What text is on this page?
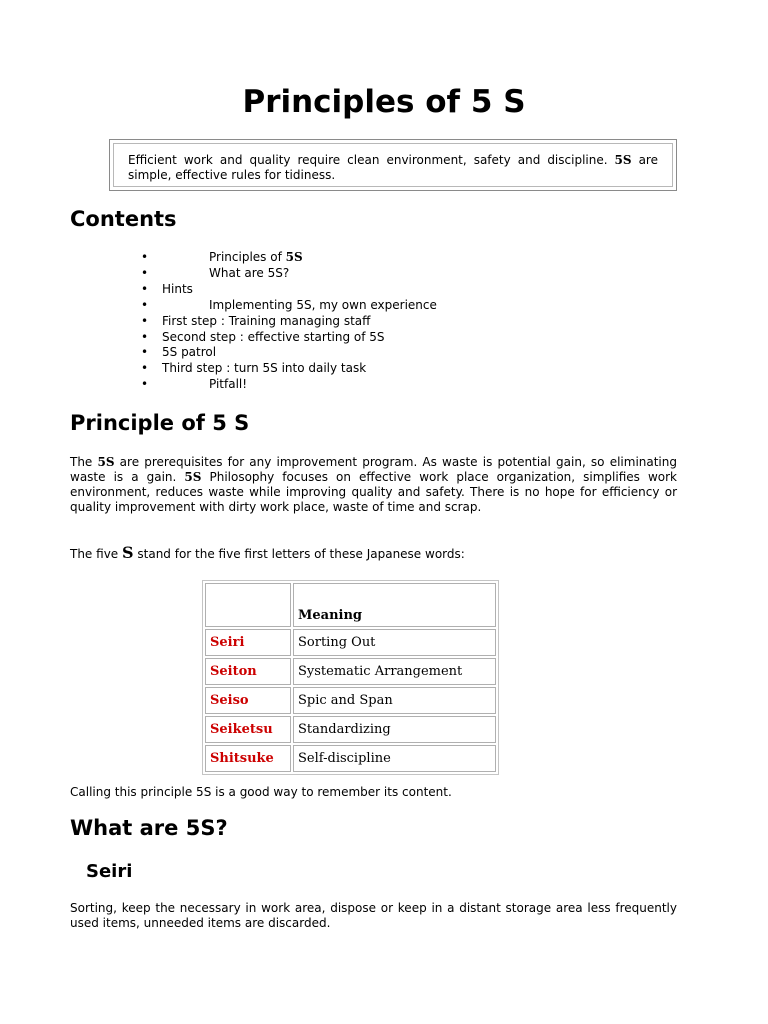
Principles of 5 S
Efficient work and quality require clean environment, safety and discipline. 5S are simple, effective rules for tidiness.
Contents
• Principles of 5S
• What are 5S?
• Hints
• Implementing 5S, my own experience
• First step : Training managing staff
• Second step : effective starting of 5S
• 5S patrol
• Third step : turn 5S into daily task
• Pitfall!
Principle of 5 S

The 5S are prerequisites for any improvement program. As waste is potential gain, so eliminating waste is a gain. 5S Philosophy focuses on effective work place organization, simplifies work environment, reduces waste while improving quality and safety. There is no hope for efficiency or quality improvement with dirty work place, waste of time and scrap.

The five S stand for the five first letters of these Japanese words:

	Meaning
Seiri	Sorting Out
Seiton	Systematic Arrangement
Seiso	Spic and Span
Seiketsu	Standardizing
Shitsuke	Self-discipline

Calling this principle 5S is a good way to remember its content.

What are 5S?
Seiri

Sorting, keep the necessary in work area, dispose or keep in a distant storage area less frequently used items, unneeded items are discarded.
